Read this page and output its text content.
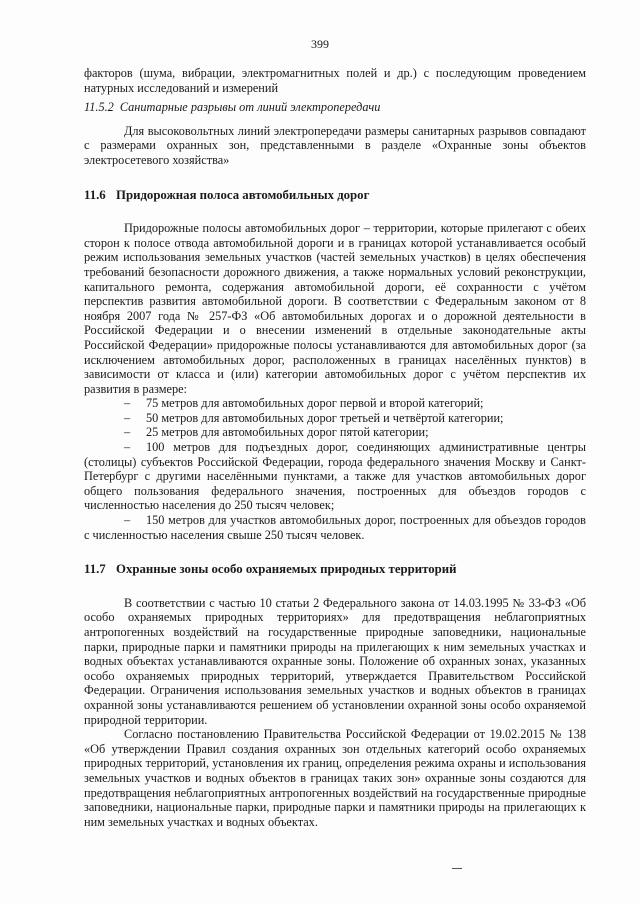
399

факторов (шума, вибрации, электромагнитных полей и др.) с последующим проведением натурных исследований и измерений

11.5.2 Санитарные разрывы от линий электропередачи

Для высоковольтных линий электропередачи размеры санитарных разрывов совпадают с размерами охранных зон, представленными в разделе «Охранные зоны объектов электросетевого хозяйства»

11.6 Придорожная полоса автомобильных дорог

Придорожные полосы автомобильных дорог – территории, которые прилегают с обеих сторон к полосе отвода автомобильной дороги и в границах которой устанавливается особый режим использования земельных участков (частей земельных участков) в целях обеспечения требований безопасности дорожного движения, а также нормальных условий реконструкции, капитального ремонта, содержания автомобильной дороги, её сохранности с учётом перспектив развития автомобильной дороги. В соответствии с Федеральным законом от 8 ноября 2007 года № 257-ФЗ «Об автомобильных дорогах и о дорожной деятельности в Российской Федерации и о внесении изменений в отдельные законодательные акты Российской Федерации» придорожные полосы устанавливаются для автомобильных дорог (за исключением автомобильных дорог, расположенных в границах населённых пунктов) в зависимости от класса и (или) категории автомобильных дорог с учётом перспектив их развития в размере:

– 75 метров для автомобильных дорог первой и второй категорий;
– 50 метров для автомобильных дорог третьей и четвёртой категории;
– 25 метров для автомобильных дорог пятой категории;
– 100 метров для подъездных дорог, соединяющих административные центры (столицы) субъектов Российской Федерации, города федерального значения Москву и Санкт-Петербург с другими населёнными пунктами, а также для участков автомобильных дорог общего пользования федерального значения, построенных для объездов городов с численностью населения до 250 тысяч человек;
– 150 метров для участков автомобильных дорог, построенных для объездов городов с численностью населения свыше 250 тысяч человек.
11.7 Охранные зоны особо охраняемых природных территорий

В соответствии с частью 10 статьи 2 Федерального закона от 14.03.1995 № 33-ФЗ «Об особо охраняемых природных территориях» для предотвращения неблагоприятных антропогенных воздействий на государственные природные заповедники, национальные парки, природные парки и памятники природы на прилегающих к ним земельных участках и водных объектах устанавливаются охранные зоны. Положение об охранных зонах, указанных особо охраняемых природных территорий, утверждается Правительством Российской Федерации. Ограничения использования земельных участков и водных объектов в границах охранной зоны устанавливаются решением об установлении охранной зоны особо охраняемой природной территории.

Согласно постановлению Правительства Российской Федерации от 19.02.2015 № 138 «Об утверждении Правил создания охранных зон отдельных категорий особо охраняемых природных территорий, установления их границ, определения режима охраны и использования земельных участков и водных объектов в границах таких зон» охранные зоны создаются для предотвращения неблагоприятных антропогенных воздействий на государственные природные заповедники, национальные парки, природные парки и памятники природы на прилегающих к ним земельных участках и водных объектах.
